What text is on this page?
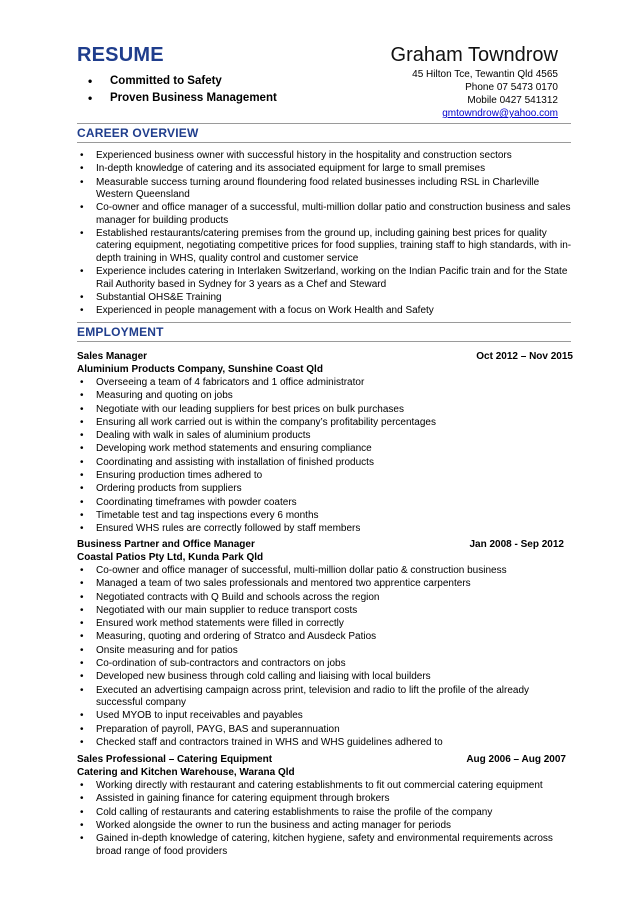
RESUME
• Committed to Safety
• Proven Business Management
Graham Towndrow
45 Hilton Tce, Tewantin Qld 4565
Phone 07 5473 0170
Mobile 0427 541312
gmtowndrow@yahoo.com
CAREER OVERVIEW
• Experienced business owner with successful history in the hospitality and construction sectors
• In-depth knowledge of catering and its associated equipment for large to small premises
• Measurable success turning around floundering food related businesses including RSL in Charleville Western Queensland
• Co-owner and office manager of a successful, multi-million dollar patio and construction business and sales manager for building products
• Established restaurants/catering premises from the ground up, including gaining best prices for quality catering equipment, negotiating competitive prices for food supplies, training staff to high standards, with in-depth training in WHS, quality control and customer service
• Experience includes catering in Interlaken Switzerland, working on the Indian Pacific train and for the State Rail Authority based in Sydney for 3 years as a Chef and Steward
• Substantial OHS&E Training
• Experienced in people management with a focus on Work Health and Safety
EMPLOYMENT
Sales Manager	Oct 2012 – Nov 2015
Aluminium Products Company, Sunshine Coast Qld
• Overseeing a team of 4 fabricators and 1 office administrator
• Measuring and quoting on jobs
• Negotiate with our leading suppliers for best prices on bulk purchases
• Ensuring all work carried out is within the company’s profitability percentages
• Dealing with walk in sales of aluminium products
• Developing work method statements and ensuring compliance
• Coordinating and assisting with installation of finished products
• Ensuring production times adhered to
• Ordering products from suppliers
• Coordinating timeframes with powder coaters
• Timetable test and tag inspections every 6 months
• Ensured WHS rules are correctly followed by staff members
Business Partner and Office Manager	Jan 2008 - Sep 2012
Coastal Patios Pty Ltd, Kunda Park Qld
• Co-owner and office manager of successful, multi-million dollar patio & construction business
• Managed a team of two sales professionals and mentored two apprentice carpenters
• Negotiated contracts with Q Build and schools across the region
• Negotiated with our main supplier to reduce transport costs
• Ensured work method statements were filled in correctly
• Measuring, quoting and ordering of Stratco and Ausdeck Patios
• Onsite measuring and for patios
• Co-ordination of sub-contractors and contractors on jobs
• Developed new business through cold calling and liaising with local builders
• Executed an advertising campaign across print, television and radio to lift the profile of the already successful company
• Used MYOB to input receivables and payables
• Preparation of payroll, PAYG, BAS and superannuation
• Checked staff and contractors trained in WHS and WHS guidelines adhered to
Sales Professional – Catering Equipment	Aug 2006 – Aug 2007
Catering and Kitchen Warehouse, Warana Qld
• Working directly with restaurant and catering establishments to fit out commercial catering equipment
• Assisted in gaining finance for catering equipment through brokers
• Cold calling of restaurants and catering establishments to raise the profile of the company
• Worked alongside the owner to run the business and acting manager for periods
• Gained in-depth knowledge of catering, kitchen hygiene, safety and environmental requirements across broad range of food providers
